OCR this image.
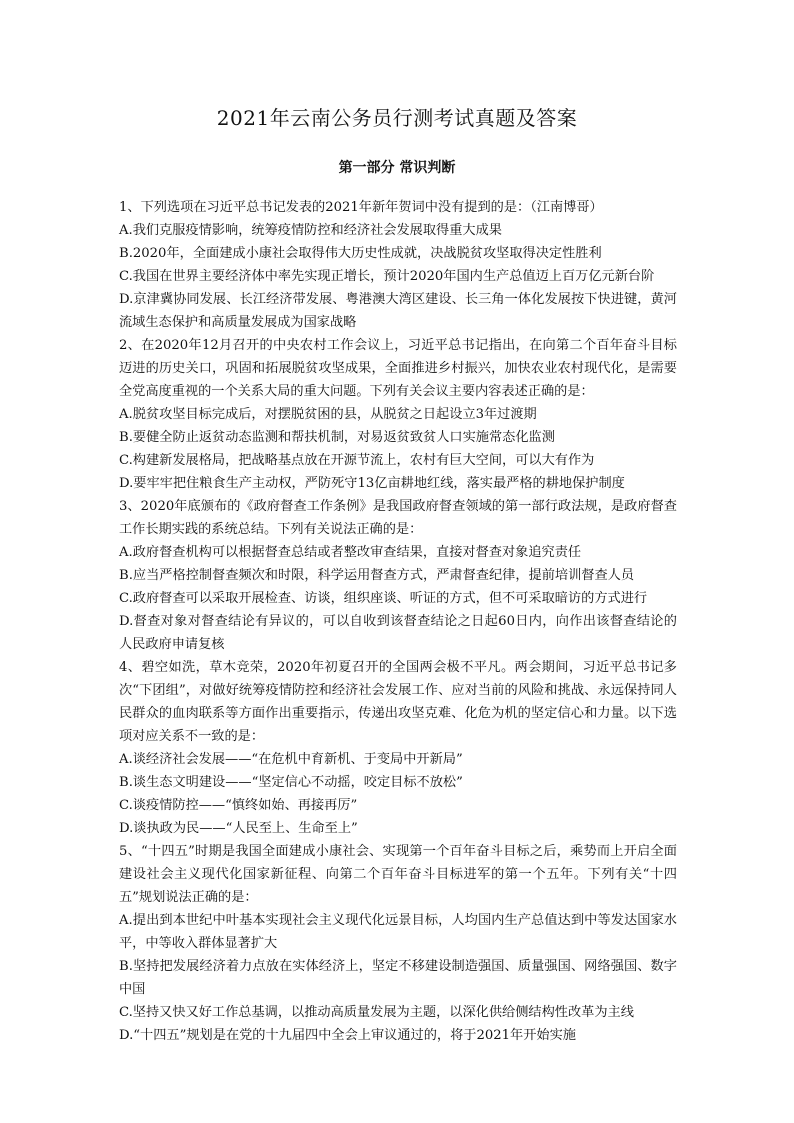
2021年云南公务员行测考试真题及答案
第一部分 常识判断

1、下列选项在习近平总书记发表的2021年新年贺词中没有提到的是：（江南博哥）

A.我们克服疫情影响，统筹疫情防控和经济社会发展取得重大成果

B.2020年，全面建成小康社会取得伟大历史性成就，决战脱贫攻坚取得决定性胜利

C.我国在世界主要经济体中率先实现正增长，预计2020年国内生产总值迈上百万亿元新台阶

D.京津冀协同发展、长江经济带发展、粤港澳大湾区建设、长三角一体化发展按下快进键，黄河流域生态保护和高质量发展成为国家战略

2、在2020年12月召开的中央农村工作会议上，习近平总书记指出，在向第二个百年奋斗目标迈进的历史关口，巩固和拓展脱贫攻坚成果，全面推进乡村振兴，加快农业农村现代化，是需要全党高度重视的一个关系大局的重大问题。下列有关会议主要内容表述正确的是：

A.脱贫攻坚目标完成后，对摆脱贫困的县，从脱贫之日起设立3年过渡期

B.要健全防止返贫动态监测和帮扶机制，对易返贫致贫人口实施常态化监测

C.构建新发展格局，把战略基点放在开源节流上，农村有巨大空间，可以大有作为

D.要牢牢把住粮食生产主动权，严防死守13亿亩耕地红线，落实最严格的耕地保护制度

3、2020年底颁布的《政府督查工作条例》是我国政府督查领域的第一部行政法规，是政府督查工作长期实践的系统总结。下列有关说法正确的是：

A.政府督查机构可以根据督查总结或者整改审查结果，直接对督查对象追究责任

B.应当严格控制督查频次和时限，科学运用督查方式，严肃督查纪律，提前培训督查人员

C.政府督查可以采取开展检查、访谈，组织座谈、听证的方式，但不可采取暗访的方式进行

D.督查对象对督查结论有异议的，可以自收到该督查结论之日起60日内，向作出该督查结论的人民政府申请复核

4、碧空如洗，草木竞荣，2020年初夏召开的全国两会极不平凡。两会期间，习近平总书记多次“下团组”，对做好统筹疫情防控和经济社会发展工作、应对当前的风险和挑战、永远保持同人民群众的血肉联系等方面作出重要指示，传递出攻坚克难、化危为机的坚定信心和力量。以下选项对应关系不一致的是：

A.谈经济社会发展——“在危机中育新机、于变局中开新局”

B.谈生态文明建设——“坚定信心不动摇，咬定目标不放松”

C.谈疫情防控——“慎终如始、再接再厉”

D.谈执政为民——“人民至上、生命至上”

5、“十四五”时期是我国全面建成小康社会、实现第一个百年奋斗目标之后，乘势而上开启全面建设社会主义现代化国家新征程、向第二个百年奋斗目标进军的第一个五年。下列有关“十四五”规划说法正确的是：

A.提出到本世纪中叶基本实现社会主义现代化远景目标，人均国内生产总值达到中等发达国家水平，中等收入群体显著扩大

B.坚持把发展经济着力点放在实体经济上，坚定不移建设制造强国、质量强国、网络强国、数字中国

C.坚持又快又好工作总基调，以推动高质量发展为主题，以深化供给侧结构性改革为主线

D.“十四五”规划是在党的十九届四中全会上审议通过的，将于2021年开始实施
